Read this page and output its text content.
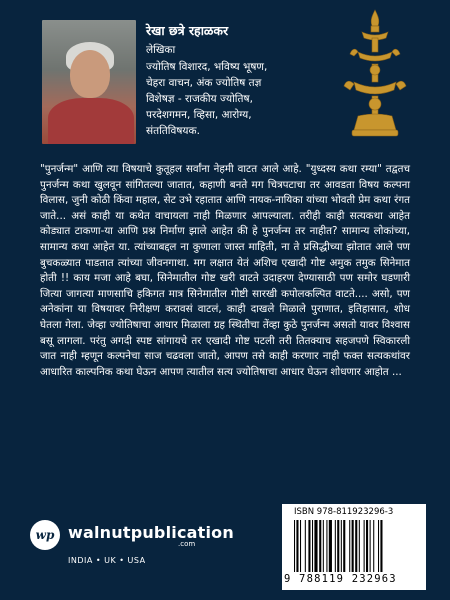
रेखा छत्रे रहाळकर

लेखिका

ज्योतिष विशारद, भविष्य भूषण,

चेहरा वाचन, अंक ज्योतिष तज्ञ

विशेषज्ञ - राजकीय ज्योतिष,

परदेशगमन, व्हिसा, आरोग्य,

संततिविषयक.

"पुनर्जन्म" आणि त्या विषयाचे कुतूहल सर्वांना नेहमी वाटत आले आहे. "युध्दस्य कथा रम्या" तद्वतच पुनर्जन्म कथा खुलवून सांगितल्या जातात, कहाणी बनते मग चित्रपटाचा तर आवडता विषय कल्पना विलास, जुनी कोठी किंवा महाल, सेट उभे रहातात आणि नायक-नायिका यांच्या भोवती प्रेम कथा रंगत जाते... असं काही या कथेत वाचायला नाही मिळणार आपल्याला. तरीही काही सत्यकथा आहेत कोड्यात टाकणा-या आणि प्रश्न निर्माण झाले आहेत की हे पुनर्जन्म तर नाहीत? सामान्य लोकांच्या, सामान्य कथा आहेत या. त्यांच्याबद्दल ना कुणाला जास्त माहिती, ना ते प्रसिद्धीच्या झोतात आले पण बुचकळ्यात पाडतात त्यांच्या जीवनगाथा. मग लक्षात येतं अशिच एखादी गोष्ट अमुक तमुक सिनेमात होती !! काय मजा आहे बघा, सिनेमातील गोष्ट खरी वाटते उदाहरण देण्यासाठी पण समोर घडणारी जित्या जागत्या माणसाचि हकिगत मात्र सिनेमातील गोष्टी सारखी कपोलकल्पित वाटते.... असो, पण अनेकांना या विषयावर निरीक्षण करावसं वाटलं, काही दाखले मिळाले पुराणात, इतिहासात, शोध घेतला गेला. जेव्हा ज्योतिषाचा आधार मिळाला ग्रह स्थितीचा तेंव्हा कुठे पुनर्जन्म असतो यावर विश्वास बसू लागला. परंतु अगदी स्पष्ट सांगायचे तर एखादी गोष्ट पटली तरी तितक्याच सहजपणे स्विकारली जात नाही म्हणून कल्पनेचा साज चढवला जातो, आपण तसे काही करणार नाही फक्त सत्यकथांवर आधारित काल्पनिक कथा घेऊन आपण त्यातील सत्य ज्योतिषाचा आधार घेऊन शोधणार आहोत ...

wp walnutpublication
.com
INDIA • UK • USA
ISBN 978-811923296-3
9 788119 232963
